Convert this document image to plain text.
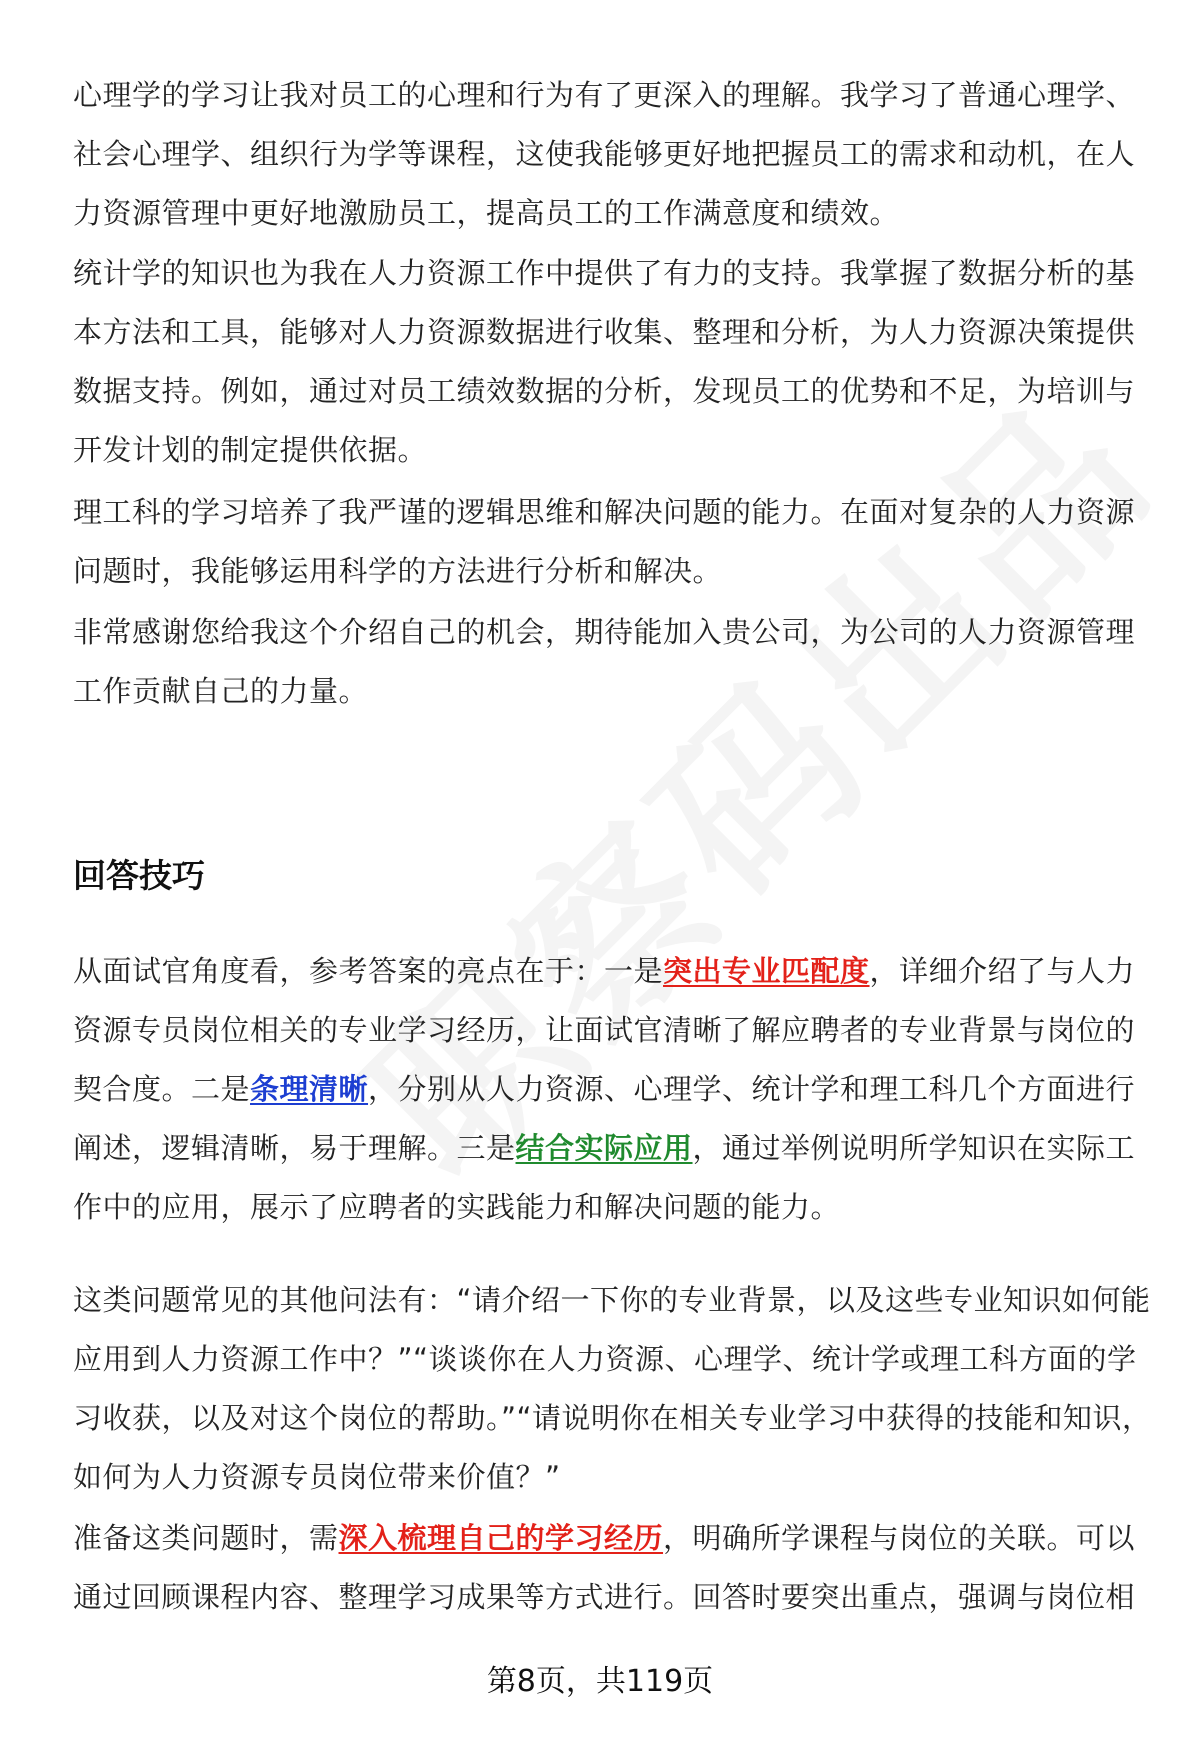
心理学的学习让我对员工的心理和行为有了更深入的理解。我学习了普通心理学、社会心理学、组织行为学等课程，这使我能够更好地把握员工的需求和动机，在人力资源管理中更好地激励员工，提高员工的工作满意度和绩效。

统计学的知识也为我在人力资源工作中提供了有力的支持。我掌握了数据分析的基本方法和工具，能够对人力资源数据进行收集、整理和分析，为人力资源决策提供数据支持。例如，通过对员工绩效数据的分析，发现员工的优势和不足，为培训与开发计划的制定提供依据。

理工科的学习培养了我严谨的逻辑思维和解决问题的能力。在面对复杂的人力资源问题时，我能够运用科学的方法进行分析和解决。

非常感谢您给我这个介绍自己的机会，期待能加入贵公司，为公司的人力资源管理工作贡献自己的力量。

回答技巧

从面试官角度看，参考答案的亮点在于：一是突出专业匹配度，详细介绍了与人力资源专员岗位相关的专业学习经历，让面试官清晰了解应聘者的专业背景与岗位的契合度。二是条理清晰，分别从人力资源、心理学、统计学和理工科几个方面进行阐述，逻辑清晰，易于理解。三是结合实际应用，通过举例说明所学知识在实际工作中的应用，展示了应聘者的实践能力和解决问题的能力。

这类问题常见的其他问法有：“请介绍一下你的专业背景，以及这些专业知识如何能应用到人力资源工作中？”“谈谈你在人力资源、心理学、统计学或理工科方面的学习收获，以及对这个岗位的帮助。”“请说明你在相关专业学习中获得的技能和知识，如何为人力资源专员岗位带来价值？”

准备这类问题时，需深入梳理自己的学习经历，明确所学课程与岗位的关联。可以通过回顾课程内容、整理学习成果等方式进行。回答时要突出重点，强调与岗位相

第8页，共119页
